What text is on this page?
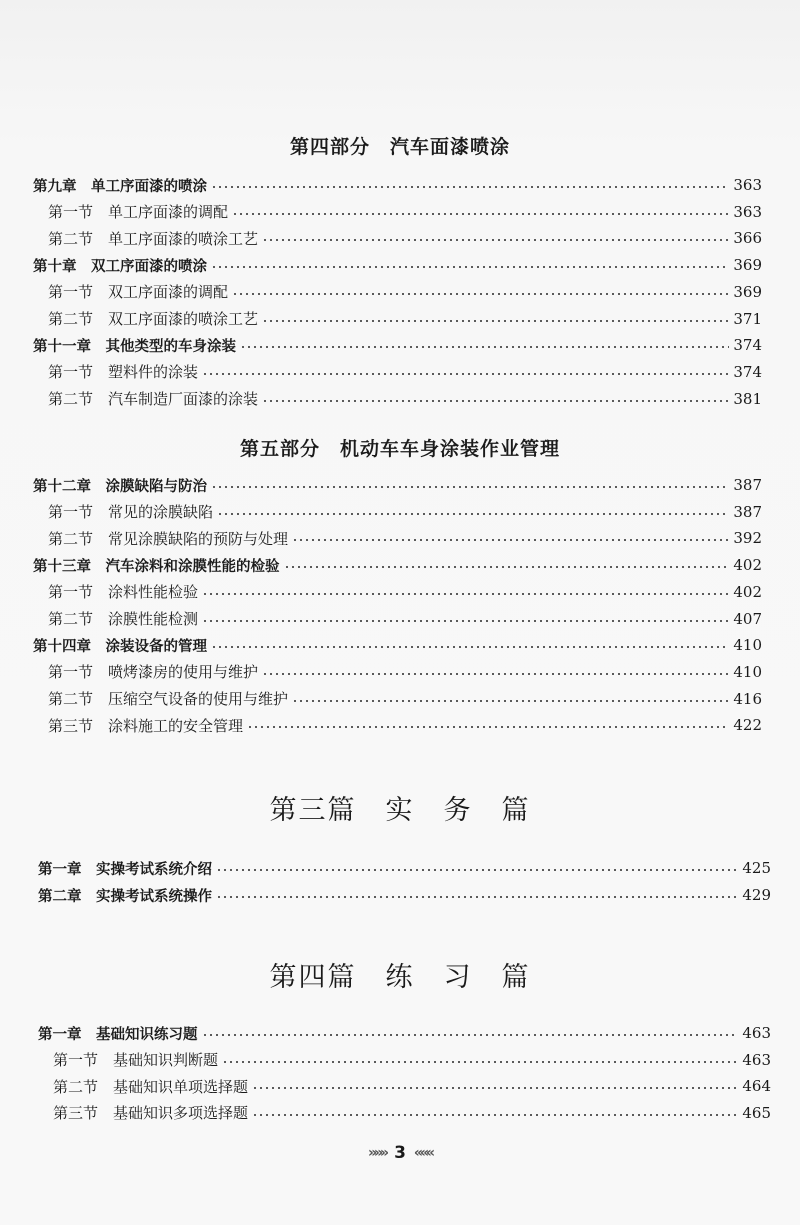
第四部分　汽车面漆喷涂
第九章　单工序面漆的喷涂	363
第一节　单工序面漆的调配	363
第二节　单工序面漆的喷涂工艺	366
第十章　双工序面漆的喷涂	369
第一节　双工序面漆的调配	369
第二节　双工序面漆的喷涂工艺	371
第十一章　其他类型的车身涂装	374
第一节　塑料件的涂装	374
第二节　汽车制造厂面漆的涂装	381
第五部分　机动车车身涂装作业管理
第十二章　涂膜缺陷与防治	387
第一节　常见的涂膜缺陷	387
第二节　常见涂膜缺陷的预防与处理	392
第十三章　汽车涂料和涂膜性能的检验	402
第一节　涂料性能检验	402
第二节　涂膜性能检测	407
第十四章　涂装设备的管理	410
第一节　喷烤漆房的使用与维护	410
第二节　压缩空气设备的使用与维护	416
第三节　涂料施工的安全管理	422
第三篇　实　务　篇
第一章　实操考试系统介绍	425
第二章　实操考试系统操作	429
第四篇　练　习　篇
第一章　基础知识练习题	463
第一节　基础知识判断题	463
第二节　基础知识单项选择题	464
第三节　基础知识多项选择题	465
»»» 3 «««
